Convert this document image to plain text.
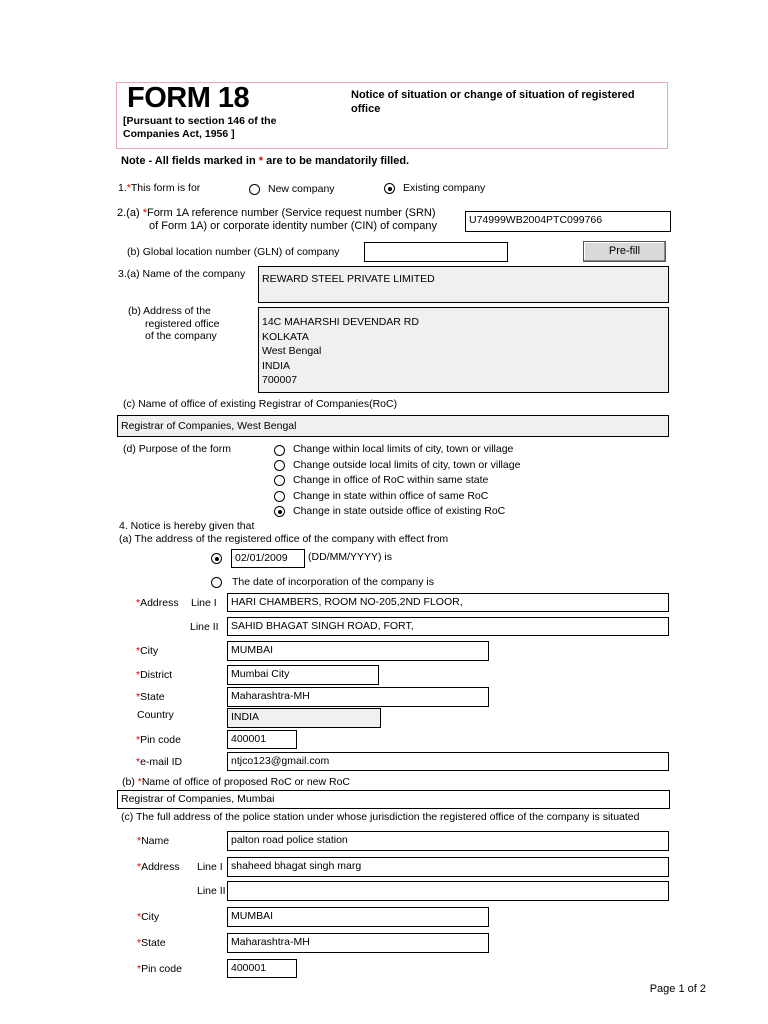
FORM 18
[Pursuant to section 146 of the
Companies Act, 1956 ]
Notice of situation or change of situation of registered office
Note - All fields marked in * are to be mandatorily filled.
1.*This form is for	New company	Existing company
2.(a) *Form 1A reference number (Service request number (SRN)
of Form 1A) or corporate identity number (CIN) of company	U74999WB2004PTC099766
(b) Global location number (GLN) of company	Pre-fill
3.(a) Name of the company	REWARD STEEL PRIVATE LIMITED
(b) Address of the
registered office
of the company
14C MAHARSHI DEVENDAR RD
KOLKATA
West Bengal
INDIA
700007
(c) Name of office of existing Registrar of Companies(RoC)
Registrar of Companies, West Bengal
(d) Purpose of the form	Change within local limits of city, town or village
Change outside local limits of city, town or village
Change in office of RoC within same state
Change in state within office of same RoC
Change in state outside office of existing RoC
4. Notice is hereby given that
(a) The address of the registered office of the company with effect from
02/01/2009	(DD/MM/YYYY) is
The date of incorporation of the company is
*Address Line I	HARI CHAMBERS, ROOM NO-205,2ND FLOOR,
Line II	SAHID BHAGAT SINGH ROAD, FORT,
*City	MUMBAI
*District	Mumbai City
*State	Maharashtra-MH
Country	INDIA
*Pin code	400001
*e-mail ID	ntjco123@gmail.com
(b) *Name of office of proposed RoC or new RoC
Registrar of Companies, Mumbai
(c) The full address of the police station under whose jurisdiction the registered office of the company is situated
*Name	palton road police station
*Address Line I shaheed bhagat singh marg
Line II
*City	MUMBAI
*State	Maharashtra-MH
*Pin code	400001
Page 1 of 2
